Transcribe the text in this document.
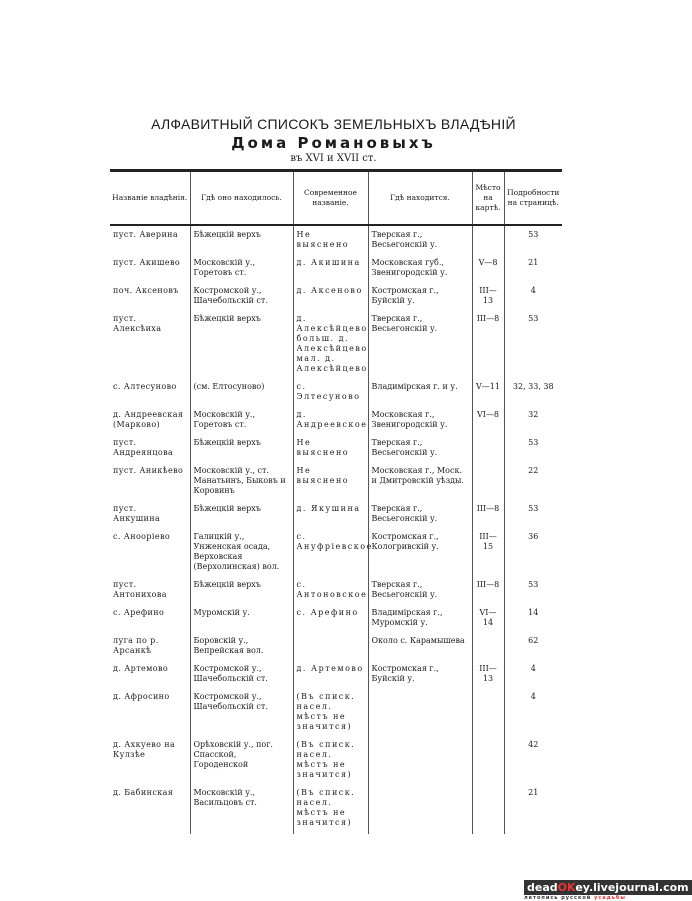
АЛФАВИТНЫЙ СПИСОКЪ ЗЕМЕЛЬНЫХЪ ВЛАДѢНІЙ
Дома Романовыхъ
въ XVI и XVII ст.
Названіе владѣнія.	Гдѣ оно находилось.	Современное названіе.	Гдѣ находится.	Мѣсто на картѣ.	Подробности на страницѣ.
пуст. Аверина	Бѣжецкій верхъ	Не выяснено	Тверская г., Весьегонскій у.		53
пуст. Акишево	Московскій у., Горетовъ ст.	д. Акишина	Московская губ., Звенигородскій у.	V—8	21
поч. Аксеновъ	Костромской у., Шачебольскій ст.	д. Аксеново	Костромская г., Буйскій у.	III—13	4
пуст. Алексѣиха	Бѣжецкій верхъ	д. Алексѣйцево больш. д. Алексѣйцево мал. д. Алексѣйцево	Тверская г., Весьегонскій у.	III—8	53
с. Алтесуново	(см. Елтосуново)	с. Элтесуново	Владимірская г. и у.	V—11	32, 33, 38
д. Андреевская (Марково)	Московскій у., Горетовъ ст.	д. Андреевское	Московская г., Звенигородскій у.	VI—8	32
пуст. Андреянцова	Бѣжецкій верхъ	Не выяснено	Тверская г., Весьегонскій у.		53
пуст. Аникѣево	Московскій у., ст. Манатьинъ, Быковъ и Коровинъ	Не выяснено	Московская г., Моск. и Дмитровскій уѣзды.		22
пуст. Анкушина	Бѣжецкій верхъ	д. Якушина	Тверская г., Весьегонскій у.	III—8	53
с. Анооріево	Галицкій у., Унженская осада, Верховская (Верхолинская) вол.	с. Ануфріевское	Костромская г., Кологривскій у.	III—15	36
пуст. Антонихова	Бѣжецкій верхъ	с. Антоновское	Тверская г., Весьегонскій у.	III—8	53
с. Арефино	Муромскій у.	с. Арефино	Владимірская г., Муромскій у.	VI—14	14
луга по р. Арсанкѣ	Боровскій у., Вепрейская вол.		Около с. Карамышева		62
д. Артемово	Костромской у., Шачебольскій ст.	д. Артемово	Костромская г., Буйскій у.	III—13	4
д. Афросино	Костромской у., Шачебольскій ст.	(Въ списк. насел. мѣстъ не значится)			4
д. Ахкуево на Кулзѣе	Орѣховскій у., пог. Спасской, Городенской	(Въ списк. насел. мѣстъ не значится)			42
д. Бабинская	Московскій у., Васильцовъ ст.	(Въ списк. насел. мѣстъ не значится)			21
deadOKey.livejournal.com
летопись русской усадьбы
